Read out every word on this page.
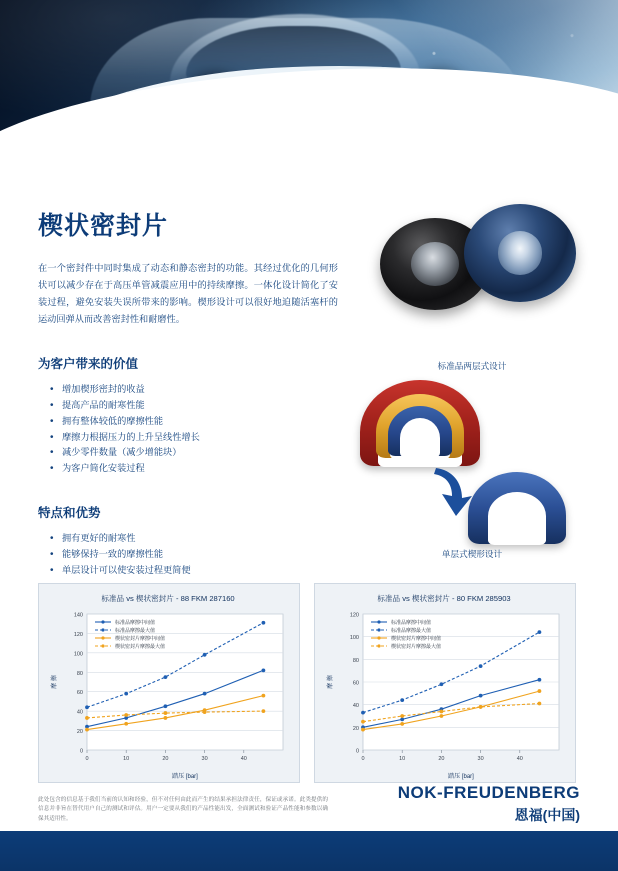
楔状密封片

在一个密封件中同时集成了动态和静态密封的功能。其经过优化的几何形状可以减少存在于高压单管减震应用中的持续摩擦。一体化设计简化了安装过程，避免安装失误所带来的影响。楔形设计可以很好地迫随活塞杆的运动回弹从而改善密封性和耐磨性。

为客户带来的价值
• 增加楔形密封的收益
• 提高产品的耐寒性能
• 拥有整体较低的摩擦性能
• 摩擦力根据压力的上升呈线性增长
• 减少零件数量（减少增能块）
• 为客户简化安装过程
特点和优势
• 拥有更好的耐寒性
• 能够保持一致的摩擦性能
• 单层设计可以使安装过程更简便
标准品两层式设计
单层式楔形设计
标准品 vs 楔状密封片 - 88 FKM 287160
0
20
40
60
80
100
120
140
0	10	20	30	40
踏压 [bar]
摩 擦
标准品摩擦中间值
标准品摩擦最大值
楔状密封片摩擦中间值
楔状密封片摩擦最大值
标准品 vs 楔状密封片 - 80 FKM 285903
0
20
40
60
80
100
120
0	10	20	30	40
踏压 [bar]
摩 擦
标准品摩擦中间值
标准品摩擦最大值
楔状密封片摩擦中间值
楔状密封片摩擦最大值
此处包含的信息基于我们当前的认知和经验，但不对任何由此而产生的结果承担法律责任，保证或承诺。此类提供的信息并非旨在替代用户自己的测试和评估。用户一定要从我们的产品性能出发，全面测试和验证产品性能和参数以确保其适用性。
NOK-FREUDENBERG
恩福(中国)
